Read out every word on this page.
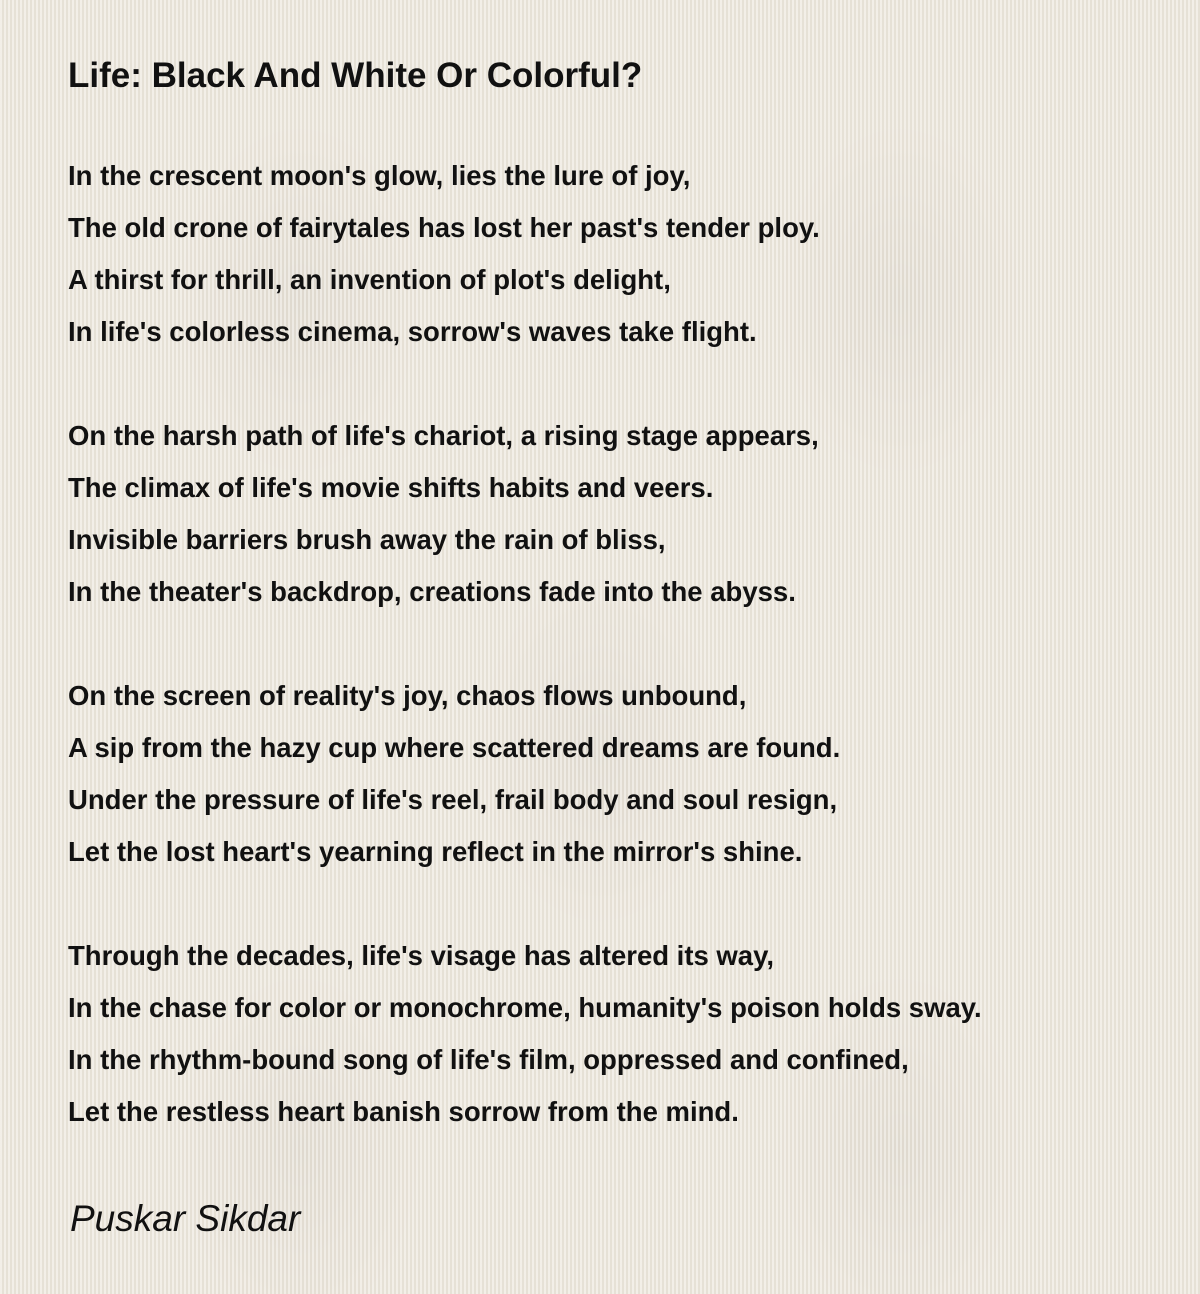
Life: Black And White Or Colorful?
In the crescent moon's glow, lies the lure of joy,
The old crone of fairytales has lost her past's tender ploy.
A thirst for thrill, an invention of plot's delight,
In life's colorless cinema, sorrow's waves take flight.
On the harsh path of life's chariot, a rising stage appears,
The climax of life's movie shifts habits and veers.
Invisible barriers brush away the rain of bliss,
In the theater's backdrop, creations fade into the abyss.
On the screen of reality's joy, chaos flows unbound,
A sip from the hazy cup where scattered dreams are found.
Under the pressure of life's reel, frail body and soul resign,
Let the lost heart's yearning reflect in the mirror's shine.
Through the decades, life's visage has altered its way,
In the chase for color or monochrome, humanity's poison holds sway.
In the rhythm-bound song of life's film, oppressed and confined,
Let the restless heart banish sorrow from the mind.
Puskar Sikdar
